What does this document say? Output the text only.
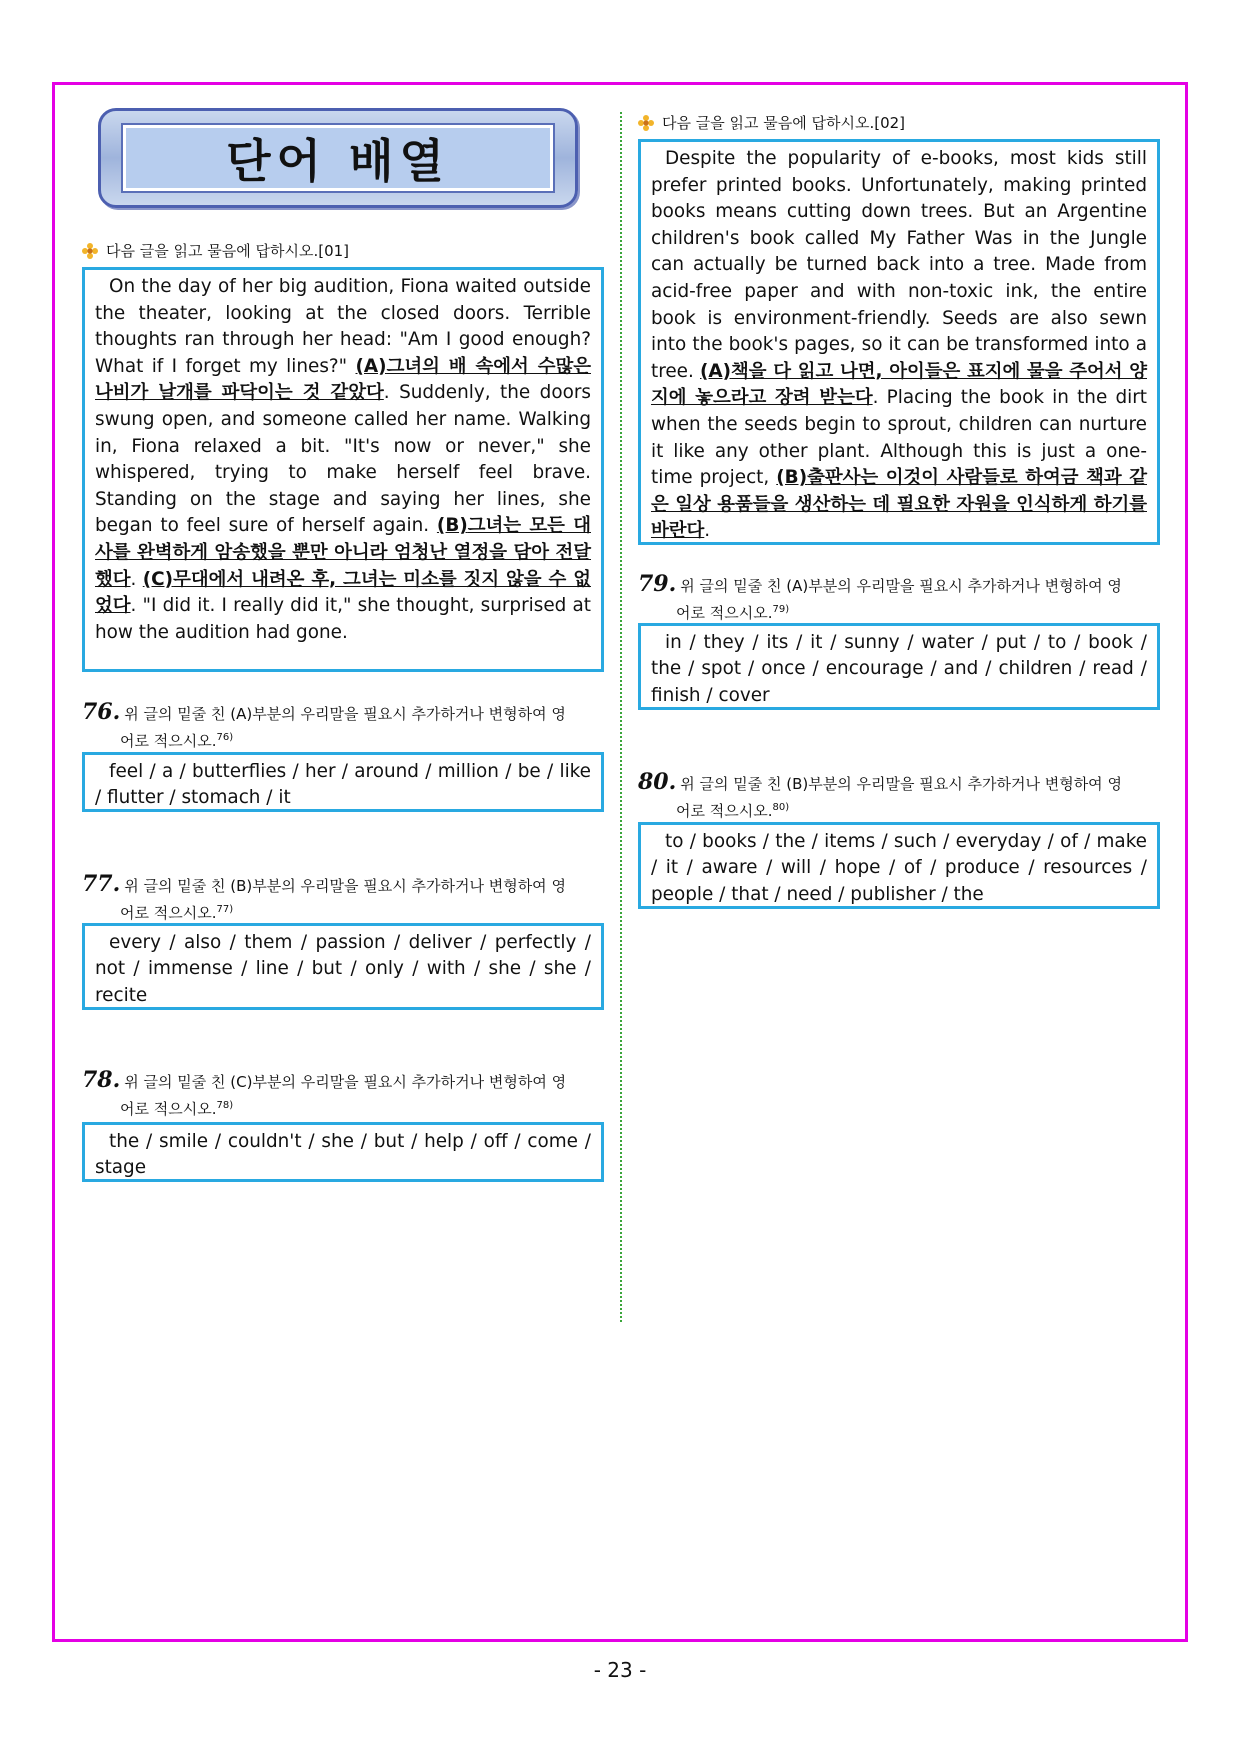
단어 배열
다음 글을 읽고 물음에 답하시오.[01]

On the day of her big audition, Fiona waited outside the theater, looking at the closed doors. Terrible thoughts ran through her head: "Am I good enough? What if I forget my lines?" (A)그녀의 배 속에서 수많은 나비가 날개를 파닥이는 것 같았다. Suddenly, the doors swung open, and someone called her name. Walking in, Fiona relaxed a bit. "It's now or never," she whispered, trying to make herself feel brave. Standing on the stage and saying her lines, she began to feel sure of herself again. (B)그녀는 모든 대사를 완벽하게 암송했을 뿐만 아니라 엄청난 열정을 담아 전달했다. (C)무대에서 내려온 후, 그녀는 미소를 짓지 않을 수 없었다. "I did it. I really did it," she thought, surprised at how the audition had gone.

76. 위 글의 밑줄 친 (A)부분의 우리말을 필요시 추가하거나 변형하여 영
어로 적으시오.$^{76)}$

feel / a / butterflies / her / around / million / be / like / flutter / stomach / it

77. 위 글의 밑줄 친 (B)부분의 우리말을 필요시 추가하거나 변형하여 영
어로 적으시오.$^{77)}$

every / also / them / passion / deliver / perfectly / not / immense / line / but / only / with / she / she / recite

78. 위 글의 밑줄 친 (C)부분의 우리말을 필요시 추가하거나 변형하여 영
어로 적으시오.$^{78)}$

the / smile / couldn't / she / but / help / off / come / stage

다음 글을 읽고 물음에 답하시오.[02]

Despite the popularity of e-books, most kids still prefer printed books. Unfortunately, making printed books means cutting down trees. But an Argentine children's book called My Father Was in the Jungle can actually be turned back into a tree. Made from acid-free paper and with non-toxic ink, the entire book is environment-friendly. Seeds are also sewn into the book's pages, so it can be transformed into a tree. (A)책을 다 읽고 나면, 아이들은 표지에 물을 주어서 양지에 놓으라고 장려 받는다. Placing the book in the dirt when the seeds begin to sprout, children can nurture it like any other plant. Although this is just a one-time project, (B)출판사는 이것이 사람들로 하여금 책과 같은 일상 용품들을 생산하는 데 필요한 자원을 인식하게 하기를 바란다.

79. 위 글의 밑줄 친 (A)부분의 우리말을 필요시 추가하거나 변형하여 영
어로 적으시오.$^{79)}$

in / they / its / it / sunny / water / put / to / book / the / spot / once / encourage / and / children / read / finish / cover

80. 위 글의 밑줄 친 (B)부분의 우리말을 필요시 추가하거나 변형하여 영
어로 적으시오.$^{80)}$

to / books / the / items / such / everyday / of / make / it / aware / will / hope / of / produce / resources / people / that / need / publisher / the

- 23 -
